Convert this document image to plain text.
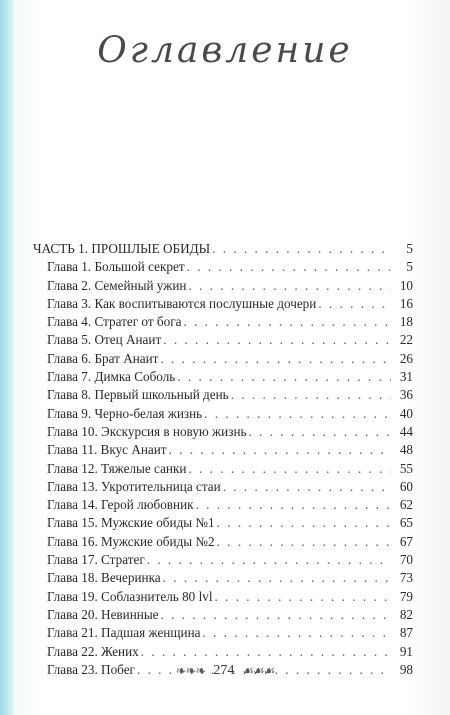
Оглавление
ЧАСТЬ 1. ПРОШЛЫЕ ОБИДЫ . . .	5
Глава 1. Большой секрет . . .	5
Глава 2. Семейный ужин . . .	10
Глава 3. Как воспитываются послушные дочери . . .	16
Глава 4. Стратег от бога . . .	18
Глава 5. Отец Анаит . . .	22
Глава 6. Брат Анаит . . .	26
Глава 7. Димка Соболь . . .	31
Глава 8. Первый школьный день . . .	36
Глава 9. Черно-белая жизнь . . .	40
Глава 10. Экскурсия в новую жизнь . . .	44
Глава 11. Вкус Анаит . . .	48
Глава 12. Тяжелые санки . . .	55
Глава 13. Укротительница стаи . . .	60
Глава 14. Герой любовник . . .	62
Глава 15. Мужские обиды №1 . . .	65
Глава 16. Мужские обиды №2 . . .	67
Глава 17. Стратег . . .	70
Глава 18. Вечеринка . . .	73
Глава 19. Соблазнитель 80 lvl . . .	79
Глава 20. Невинные . . .	82
Глава 21. Падшая женщина . . .	87
Глава 22. Жених . . .	91
Глава 23. Побег . . .	98
❧❧❧ 274 ☙☙☙
